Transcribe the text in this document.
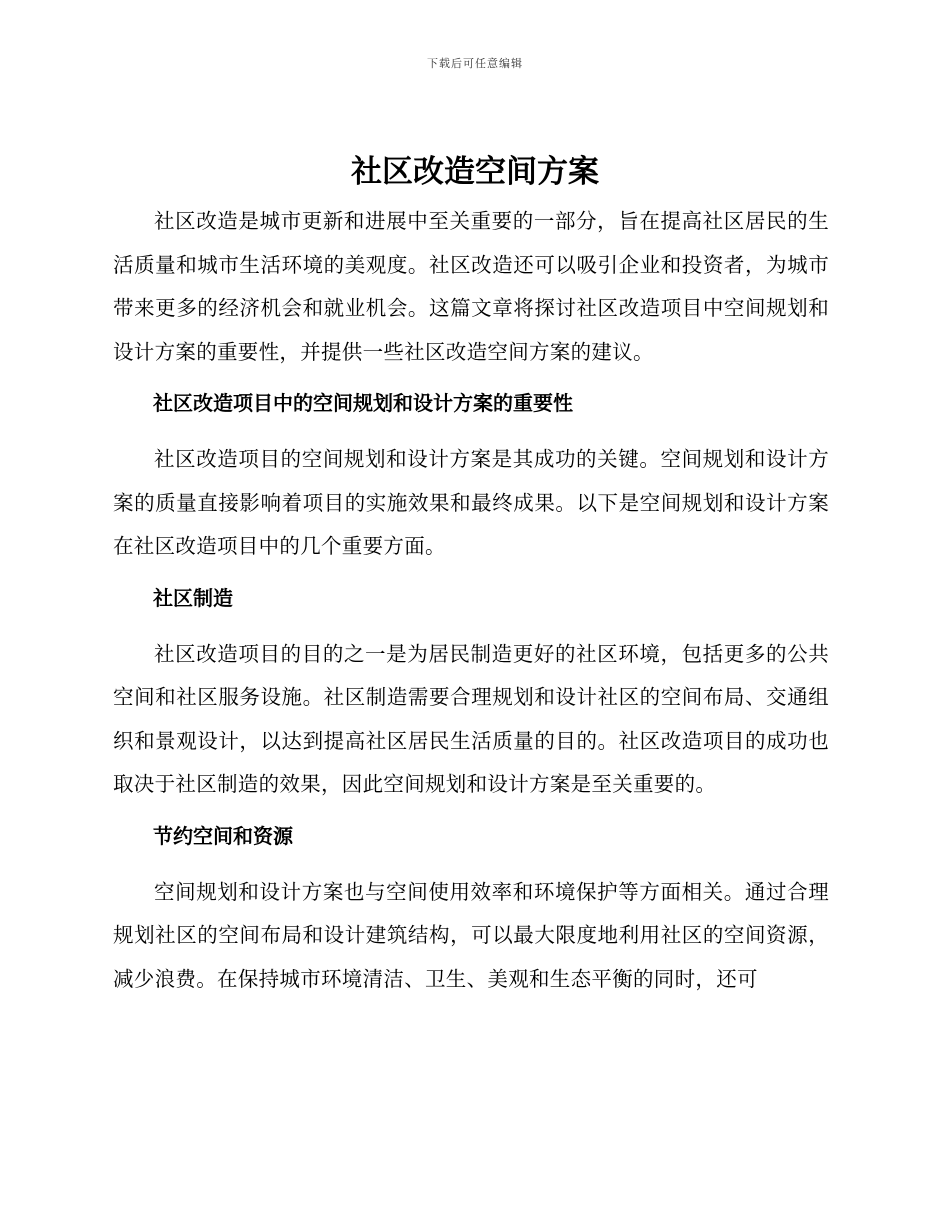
下载后可任意编辑
社区改造空间方案

社区改造是城市更新和进展中至关重要的一部分，旨在提高社区居民的生活质量和城市生活环境的美观度。社区改造还可以吸引企业和投资者，为城市带来更多的经济机会和就业机会。这篇文章将探讨社区改造项目中空间规划和设计方案的重要性，并提供一些社区改造空间方案的建议。

社区改造项目中的空间规划和设计方案的重要性

社区改造项目的空间规划和设计方案是其成功的关键。空间规划和设计方案的质量直接影响着项目的实施效果和最终成果。以下是空间规划和设计方案在社区改造项目中的几个重要方面。

社区制造

社区改造项目的目的之一是为居民制造更好的社区环境，包括更多的公共空间和社区服务设施。社区制造需要合理规划和设计社区的空间布局、交通组织和景观设计，以达到提高社区居民生活质量的目的。社区改造项目的成功也取决于社区制造的效果，因此空间规划和设计方案是至关重要的。

节约空间和资源

空间规划和设计方案也与空间使用效率和环境保护等方面相关。通过合理规划社区的空间布局和设计建筑结构，可以最大限度地利用社区的空间资源，减少浪费。在保持城市环境清洁、卫生、美观和生态平衡的同时，还可
